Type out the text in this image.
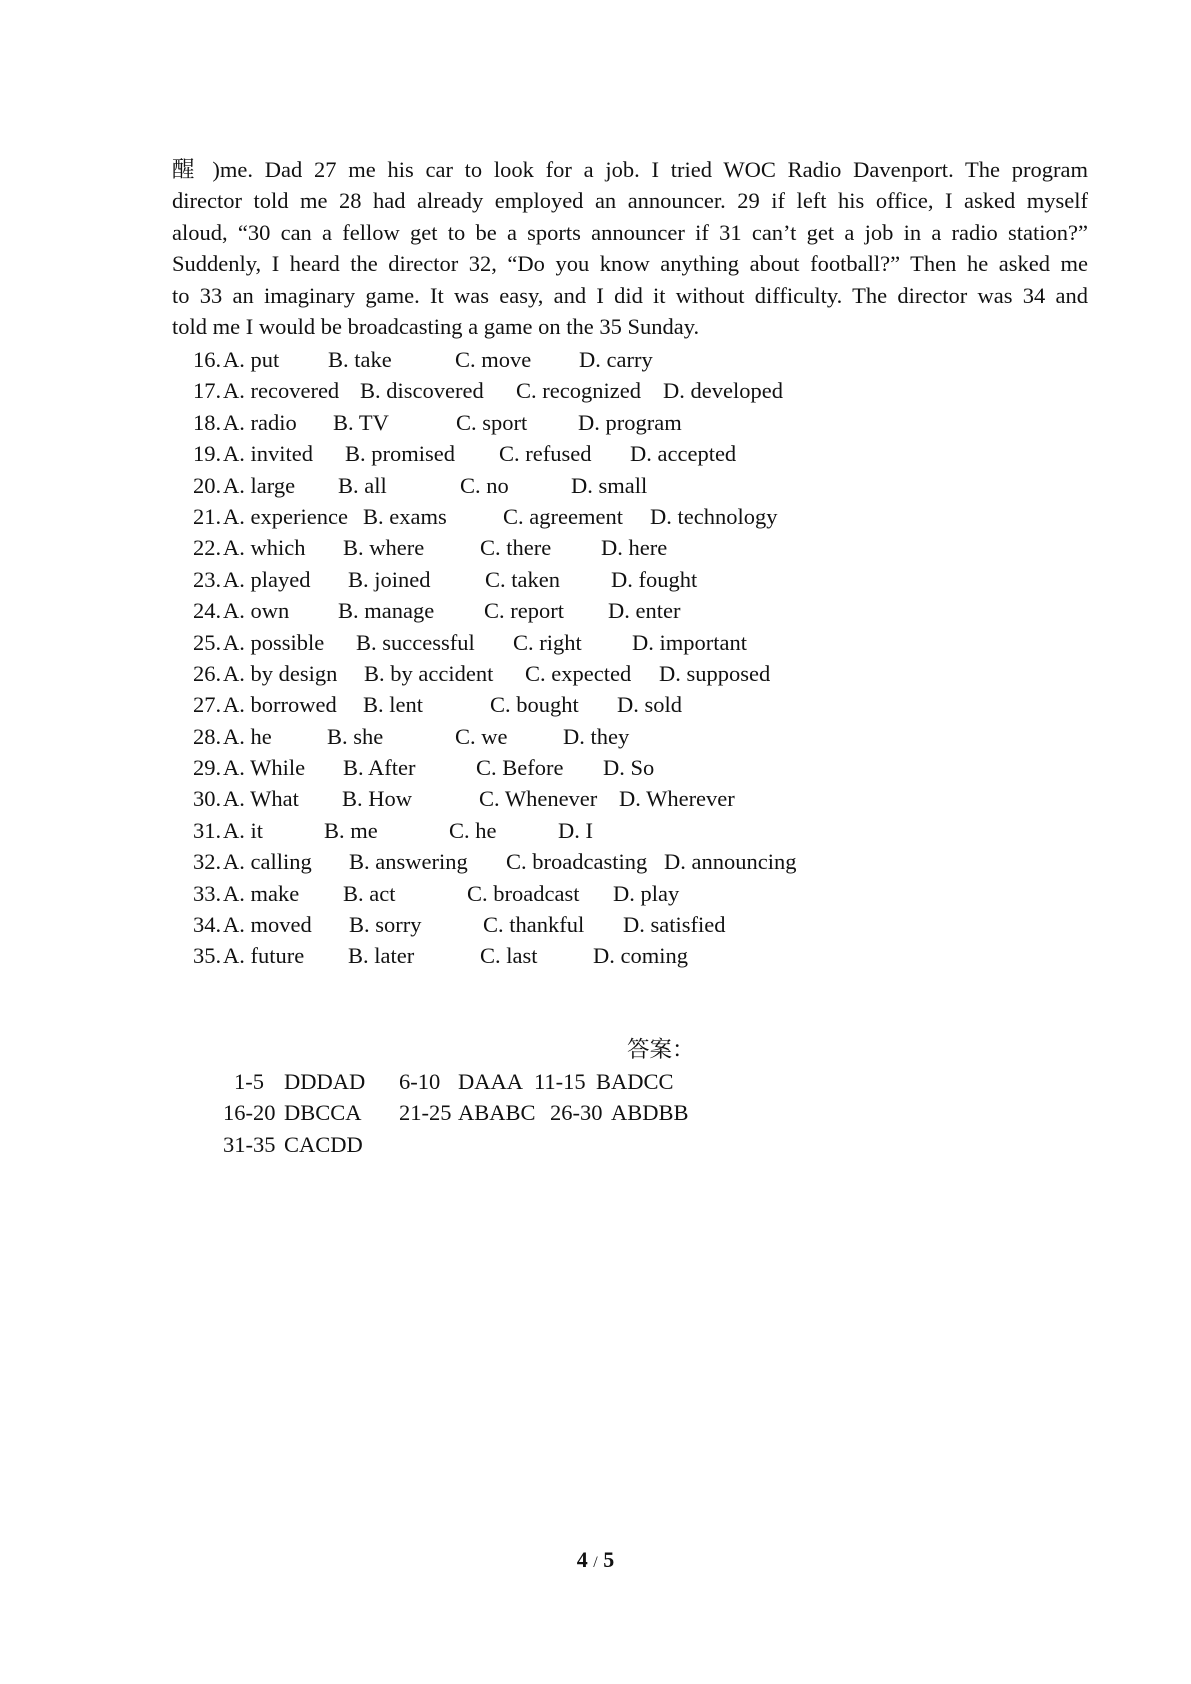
醒 )me. Dad 27 me his car to look for a job. I tried WOC Radio Davenport. The program
director told me 28 had already employed an announcer. 29 if left his office, I asked myself
aloud, “30 can a fellow get to be a sports announcer if 31 can’t get a job in a radio station?”
Suddenly, I heard the director 32, “Do you know anything about football?” Then he asked me
to 33 an imaginary game. It was easy, and I did it without difficulty. The director was 34 and
told me I would be broadcasting a game on the 35 Sunday.
16. A. put B. take	C. move D. carry
17. A. recovered B. discovered C. recognized D. developed
18. A. radio B. TV	C. sport D. program
19. A. invited B. promised C. refused D. accepted
20. A. large B. all	C. no	D. small
21. A. experience B. exams	C. agreement D. technology
22. A. which B. where C. there D. here
23. A. played B. joined C. taken D. fought
24. A. own B. manage C. report D. enter
25. A. possible B. successful C. right D. important
26. A. by design B. by accident C. expected D. supposed
27. A. borrowed B. lent	C. bought D. sold
28. A. he B. she	C. we D. they
29. A. While B. After	C. Before D. So
30. A. What B. How	C. Whenever D. Wherever
31. A. it	B. me	C. he	D. I
32. A. calling B. answering C. broadcasting D. announcing
33. A. make B. act	C. broadcast D. play
34. A. moved B. sorry	C. thankful D. satisfied
35. A. future B. later	C. last D. coming
答案：
1-5 DDDAD 6-10 DAAA 11-15 BADCC
16-20 DBCCA 21-25 ABABC 26-30 ABDBB
31-35 CACDD
4 / 5
